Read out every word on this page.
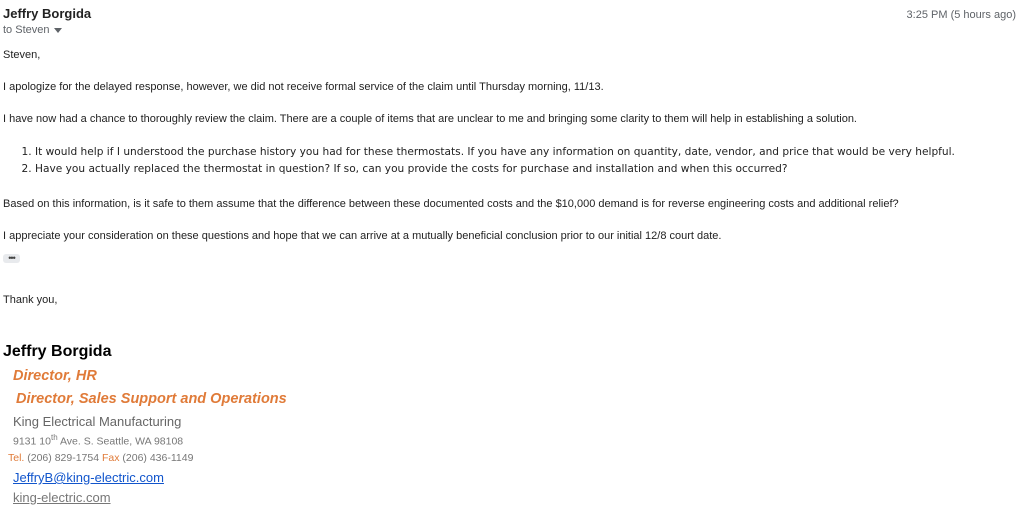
Jeffry Borgida
to Steven
3:25 PM (5 hours ago)
Steven,
I apologize for the delayed response, however, we did not receive formal service of the claim until Thursday morning, 11/13.
I have now had a chance to thoroughly review the claim. There are a couple of items that are unclear to me and bringing some clarity to them will help in establishing a solution.
1. It would help if I understood the purchase history you had for these thermostats. If you have any information on quantity, date, vendor, and price that would be very helpful.
2. Have you actually replaced the thermostat in question? If so, can you provide the costs for purchase and installation and when this occurred?
Based on this information, is it safe to them assume that the difference between these documented costs and the $10,000 demand is for reverse engineering costs and additional relief?
I appreciate your consideration on these questions and hope that we can arrive at a mutually beneficial conclusion prior to our initial 12/8 court date.
•••
Thank you,
Jeffry Borgida
Director, HR
Director, Sales Support and Operations
King Electrical Manufacturing
9131 10th Ave. S. Seattle, WA 98108
Tel. (206) 829-1754 Fax (206) 436-1149
JeffryB@king-electric.com
king-electric.com
